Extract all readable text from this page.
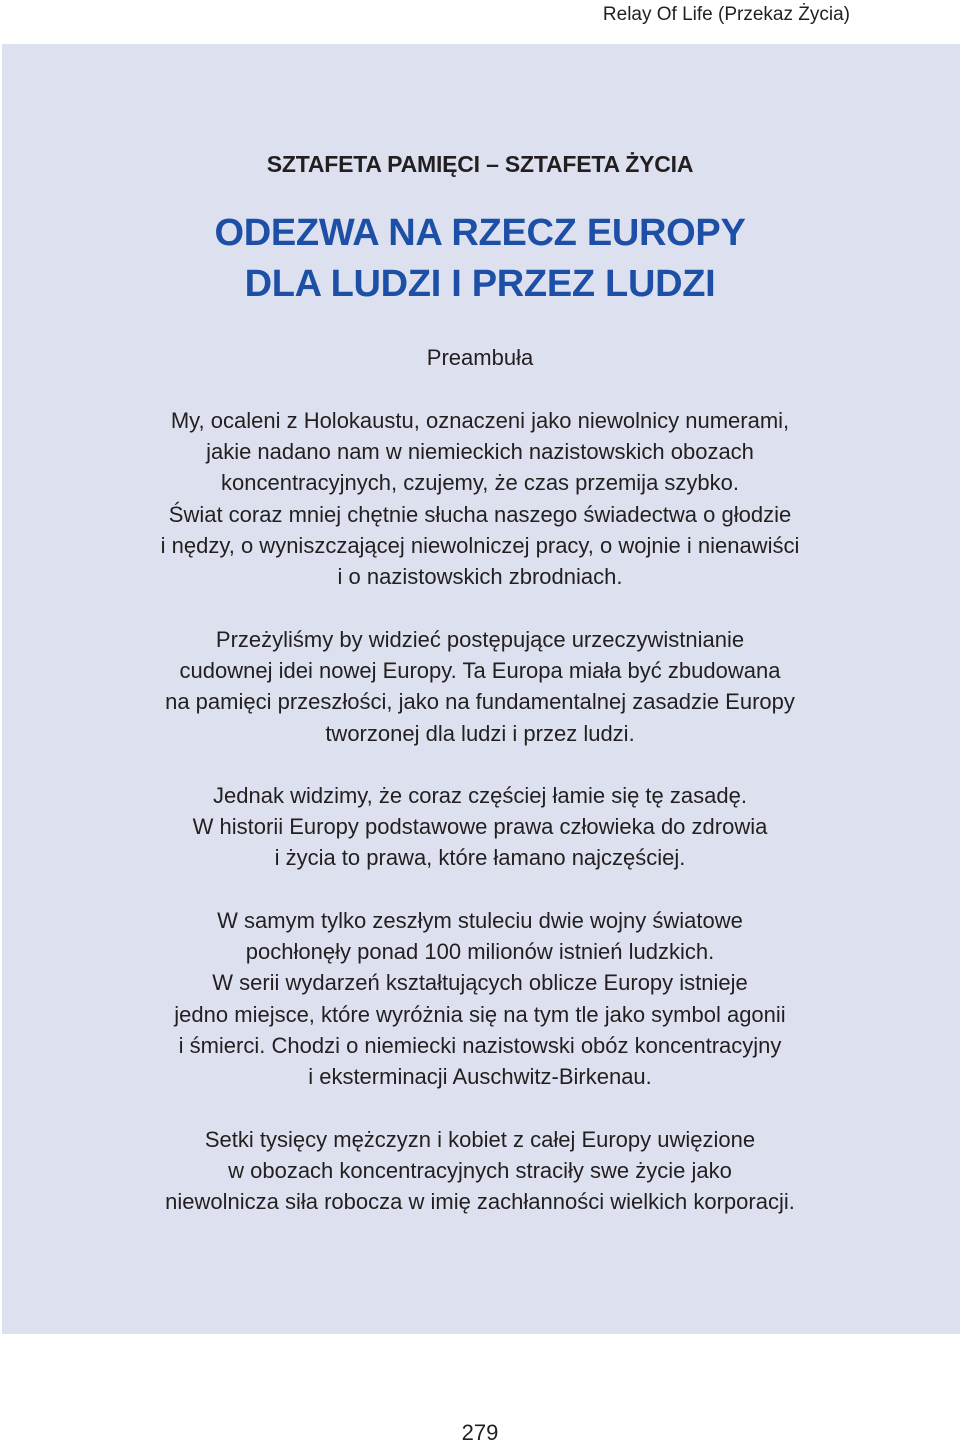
Relay Of Life (Przekaz Życia)
SZTAFETA PAMIĘCI – SZTAFETA ŻYCIA
ODEZWA NA RZECZ EUROPY
DLA LUDZI I PRZEZ LUDZI
Preambuła
My, ocaleni z Holokaustu, oznaczeni jako niewolnicy numerami,
jakie nadano nam w niemieckich nazistowskich obozach
koncentracyjnych, czujemy, że czas przemija szybko.
Świat coraz mniej chętnie słucha naszego świadectwa o głodzie
i nędzy, o wyniszczającej niewolniczej pracy, o wojnie i nienawiści
i o nazistowskich zbrodniach.
Przeżyliśmy by widzieć postępujące urzeczywistnianie
cudownej idei nowej Europy. Ta Europa miała być zbudowana
na pamięci przeszłości, jako na fundamentalnej zasadzie Europy
tworzonej dla ludzi i przez ludzi.
Jednak widzimy, że coraz częściej łamie się tę zasadę.
W historii Europy podstawowe prawa człowieka do zdrowia
i życia to prawa, które łamano najczęściej.
W samym tylko zeszłym stuleciu dwie wojny światowe
pochłonęły ponad 100 milionów istnień ludzkich.
W serii wydarzeń kształtujących oblicze Europy istnieje
jedno miejsce, które wyróżnia się na tym tle jako symbol agonii
i śmierci. Chodzi o niemiecki nazistowski obóz koncentracyjny
i eksterminacji Auschwitz-Birkenau.
Setki tysięcy mężczyzn i kobiet z całej Europy uwięzione
w obozach koncentracyjnych straciły swe życie jako
niewolnicza siła robocza w imię zachłanności wielkich korporacji.
279
